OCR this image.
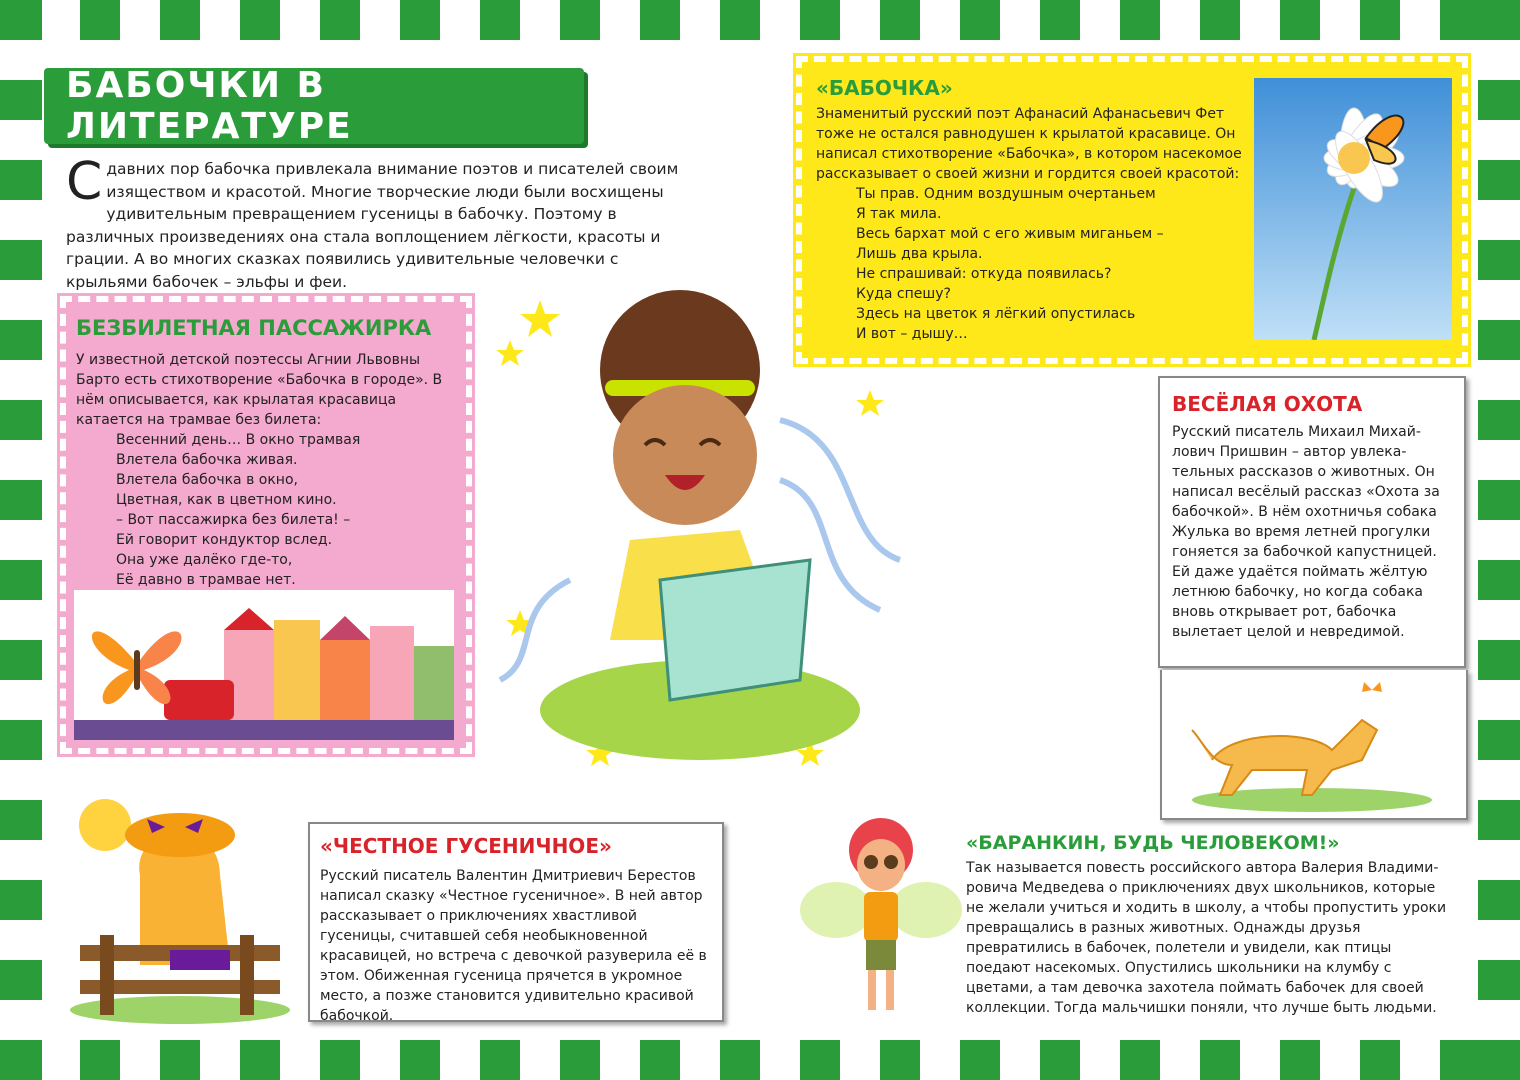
60	61
БАБОЧКИ В ЛИТЕРАТУРЕ
С давних пор бабочка привлекала внимание поэтов и писателей своим изяществом и красотой. Многие творческие люди были восхищены удивительным превращением гусеницы в бабочку. Поэтому в различных произведениях она стала воплощением лёгкости, красоты и грации. А во многих сказках появились удивительные человечки с крыльями бабочек – эльфы и феи.
БЕЗБИЛЕТНАЯ ПАССАЖИРКА

У известной детской поэтессы Агнии Львовны Барто есть стихотворение «Бабочка в городе». В нём описывается, как крылатая красавица катается на трамвае без билета:

Весенний день… В окно трамвая
Влетела бабочка живая.
Влетела бабочка в окно,
Цветная, как в цветном кино.
– Вот пассажирка без билета! –
Ей говорит кондуктор вслед.
Она уже далёко где-то,
Её давно в трамвае нет.
«БАБОЧКА»

Знаменитый русский поэт Афанасий Афанасьевич Фет тоже не остался равнодушен к крылатой красавице. Он написал стихотворение «Бабочка», в котором насекомое рассказывает о своей жизни и гордится своей красотой:

Ты прав. Одним воздушным очертаньем
Я так мила.
Весь бархат мой с его живым миганьем –
Лишь два крыла.
Не спрашивай: откуда появилась?
Куда спешу?
Здесь на цветок я лёгкий опустилась
И вот – дышу…
ВЕСЁЛАЯ ОХОТА

Русский писатель Михаил Михайлович Пришвин – автор увлекательных рассказов о животных. Он написал весёлый рассказ «Охота за бабочкой». В нём охотничья собака Жулька во время летней прогулки гоняется за бабочкой капустницей. Ей даже удаётся поймать жёлтую летнюю бабочку, но когда собака вновь открывает рот, бабочка вылетает целой и невредимой.

«ЧЕСТНОЕ ГУСЕНИЧНОЕ»

Русский писатель Валентин Дмитриевич Берестов написал сказку «Честное гусеничное». В ней автор рассказывает о приключениях хвастливой гусеницы, считавшей себя необыкновенной красавицей, но встреча с девочкой разуверила её в этом. Обиженная гусеница прячется в укромное место, а позже становится удивительно красивой бабочкой.

«БАРАНКИН, БУДЬ ЧЕЛОВЕКОМ!»

Так называется повесть российского автора Валерия Владимировича Медведева о приключениях двух школьников, которые не желали учиться и ходить в школу, а чтобы пропустить уроки превращались в разных животных. Однажды друзья превратились в бабочек, полетели и увидели, как птицы поедают насекомых. Опустились школьники на клумбу с цветами, а там девочка захотела поймать бабочек для своей коллекции. Тогда мальчишки поняли, что лучше быть людьми.
